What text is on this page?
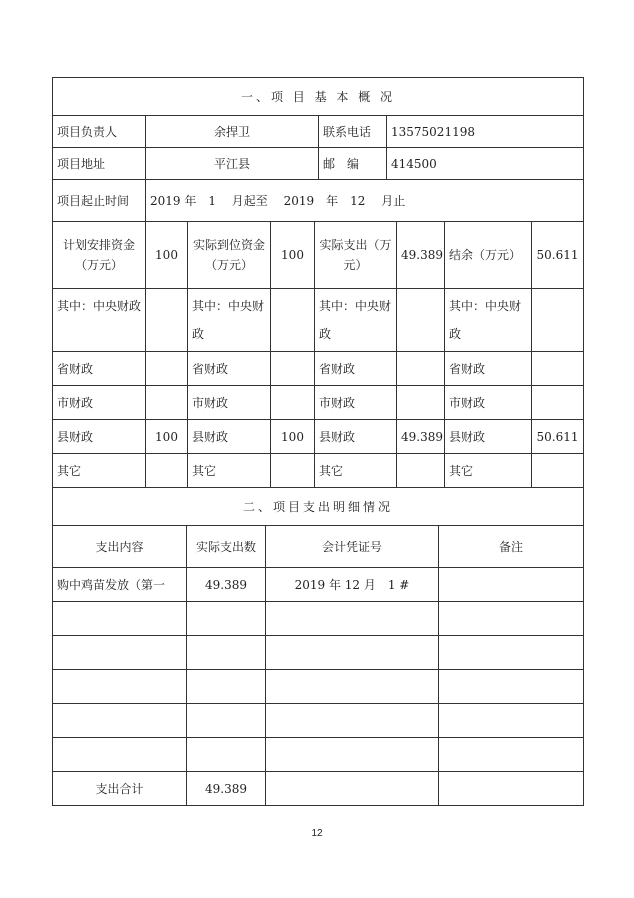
一、项 目 基 本 概 况			
项目负责人	余捍卫	联系电话	13575021198
项目地址	平江县	邮　编	414500
项目起止时间	2019 年　1　 月起至　 2019　年　12　 月止		
计划安排资金（万元）	100	实际到位资金（万元）	100	实际支出（万元）	49.389	结余（万元）	50.611
其中：中央财政		其中：中央财政		其中：中央财政		其中：中央财政	
省财政		省财政		省财政		省财政	
市财政		市财政		市财政		市财政	
县财政	100	县财政	100	县财政	49.389	县财政	50.611
其它		其它		其它		其它	
二、项目支出明细情况			
支出内容	实际支出数	会计凭证号	备注
购中鸡苗发放（第一	49.389	2019 年 12 月　1 #	

支出合计	49.389		
12
